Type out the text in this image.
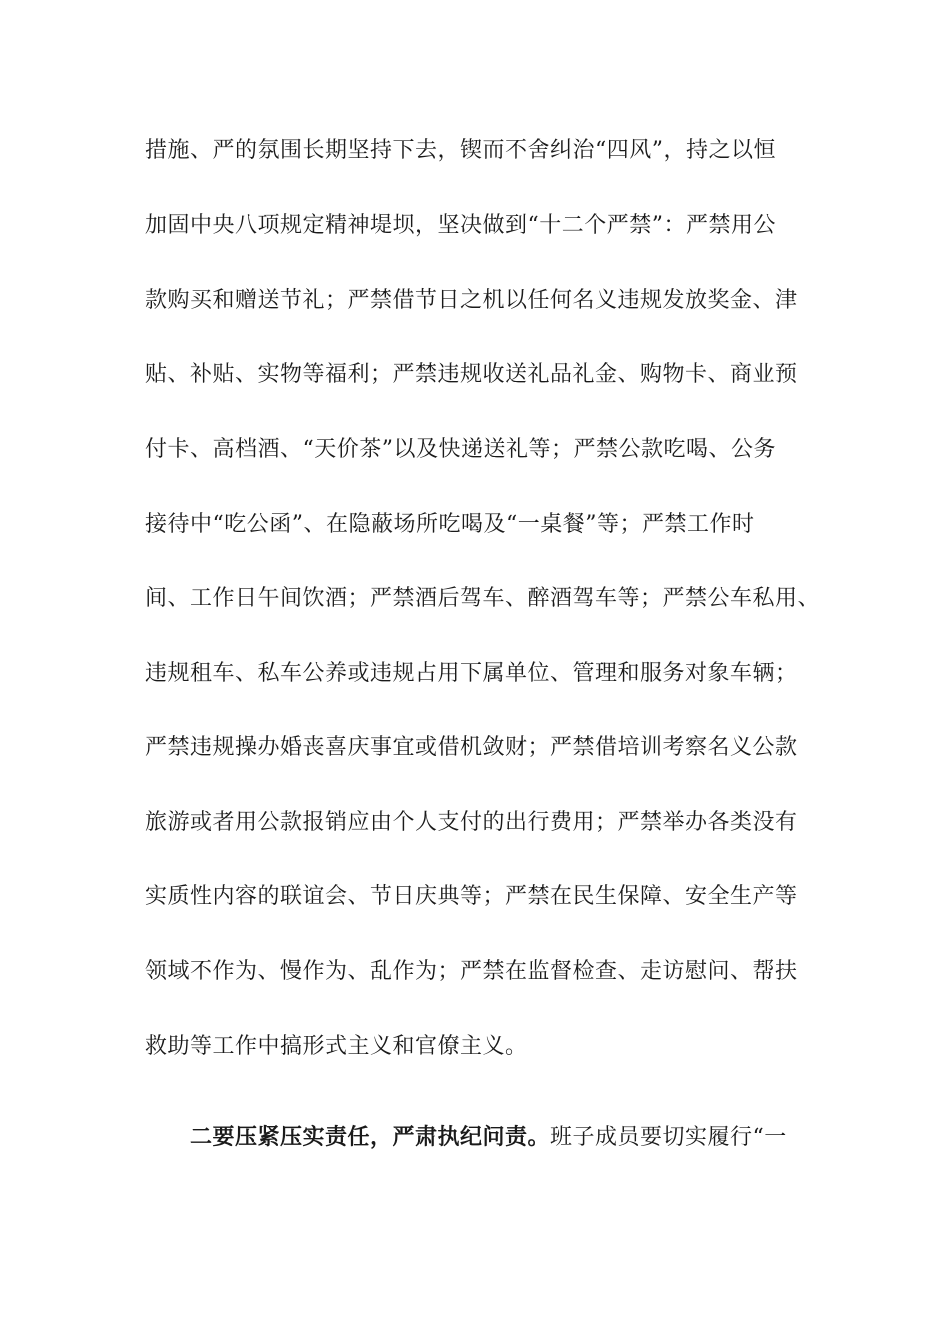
措施、严的氛围长期坚持下去，锲而不舍纠治“四风”，持之以恒
加固中央八项规定精神堤坝，坚决做到“十二个严禁”：严禁用公
款购买和赠送节礼；严禁借节日之机以任何名义违规发放奖金、津
贴、补贴、实物等福利；严禁违规收送礼品礼金、购物卡、商业预
付卡、高档酒、“天价茶”以及快递送礼等；严禁公款吃喝、公务
接待中“吃公函”、在隐蔽场所吃喝及“一桌餐”等；严禁工作时
间、工作日午间饮酒；严禁酒后驾车、醉酒驾车等；严禁公车私用、
违规租车、私车公养或违规占用下属单位、管理和服务对象车辆；
严禁违规操办婚丧喜庆事宜或借机敛财；严禁借培训考察名义公款
旅游或者用公款报销应由个人支付的出行费用；严禁举办各类没有
实质性内容的联谊会、节日庆典等；严禁在民生保障、安全生产等
领域不作为、慢作为、乱作为；严禁在监督检查、走访慰问、帮扶
救助等工作中搞形式主义和官僚主义。
二要压紧压实责任，严肃执纪问责。班子成员要切实履行“一
